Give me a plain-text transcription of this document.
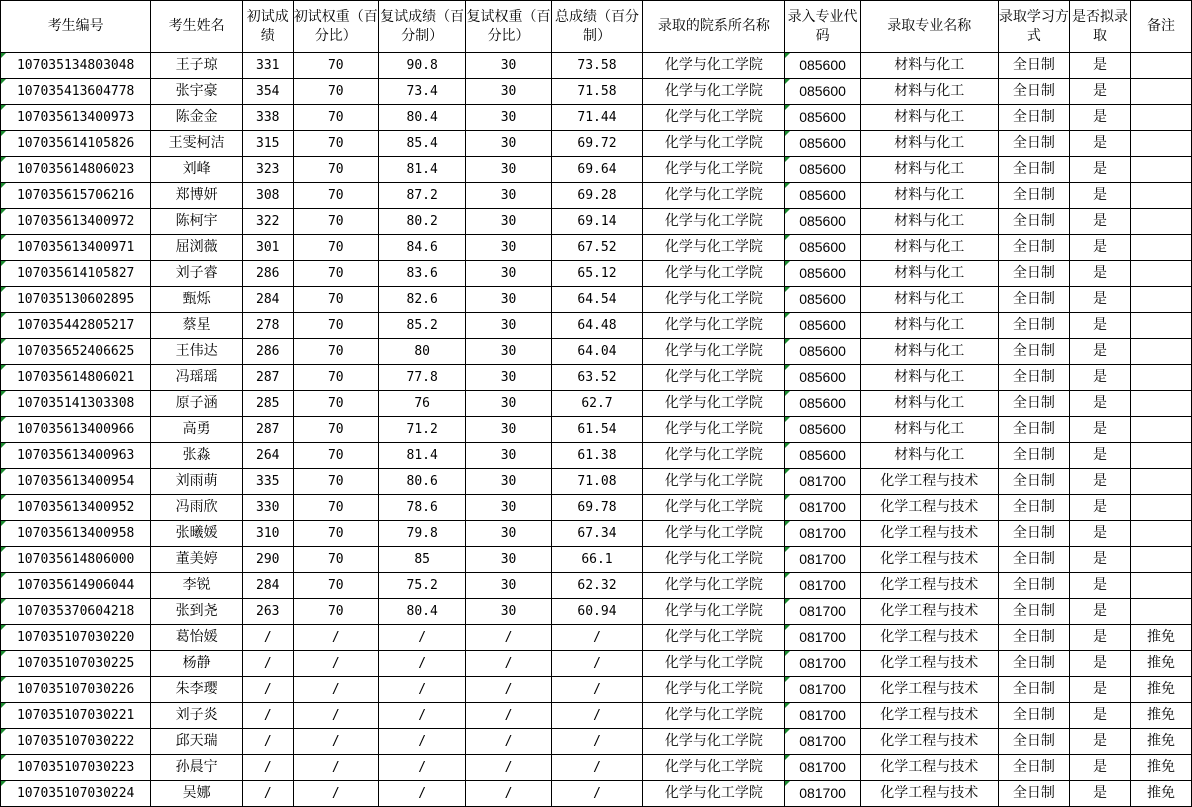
考生编号	考生姓名	初试成绩	初试权重（百分比）	复试成绩（百分制）	复试权重（百分比）	总成绩（百分制）	录取的院系所名称	录入专业代码	录取专业名称	录取学习方式	是否拟录取	备注
107035134803048	王子琼	331	70	90.8	30	73.58	化学与化工学院	085600	材料与化工	全日制	是	
107035413604778	张宇豪	354	70	73.4	30	71.58	化学与化工学院	085600	材料与化工	全日制	是	
107035613400973	陈金金	338	70	80.4	30	71.44	化学与化工学院	085600	材料与化工	全日制	是	
107035614105826	王雯柯洁	315	70	85.4	30	69.72	化学与化工学院	085600	材料与化工	全日制	是	
107035614806023	刘峰	323	70	81.4	30	69.64	化学与化工学院	085600	材料与化工	全日制	是	
107035615706216	郑博妍	308	70	87.2	30	69.28	化学与化工学院	085600	材料与化工	全日制	是	
107035613400972	陈柯宇	322	70	80.2	30	69.14	化学与化工学院	085600	材料与化工	全日制	是	
107035613400971	屈浏薇	301	70	84.6	30	67.52	化学与化工学院	085600	材料与化工	全日制	是	
107035614105827	刘子睿	286	70	83.6	30	65.12	化学与化工学院	085600	材料与化工	全日制	是	
107035130602895	甄烁	284	70	82.6	30	64.54	化学与化工学院	085600	材料与化工	全日制	是	
107035442805217	蔡星	278	70	85.2	30	64.48	化学与化工学院	085600	材料与化工	全日制	是	
107035652406625	王伟达	286	70	80	30	64.04	化学与化工学院	085600	材料与化工	全日制	是	
107035614806021	冯瑶瑶	287	70	77.8	30	63.52	化学与化工学院	085600	材料与化工	全日制	是	
107035141303308	原子涵	285	70	76	30	62.7	化学与化工学院	085600	材料与化工	全日制	是	
107035613400966	高勇	287	70	71.2	30	61.54	化学与化工学院	085600	材料与化工	全日制	是	
107035613400963	张淼	264	70	81.4	30	61.38	化学与化工学院	085600	材料与化工	全日制	是	
107035613400954	刘雨萌	335	70	80.6	30	71.08	化学与化工学院	081700	化学工程与技术	全日制	是	
107035613400952	冯雨欣	330	70	78.6	30	69.78	化学与化工学院	081700	化学工程与技术	全日制	是	
107035613400958	张曦媛	310	70	79.8	30	67.34	化学与化工学院	081700	化学工程与技术	全日制	是	
107035614806000	董美婷	290	70	85	30	66.1	化学与化工学院	081700	化学工程与技术	全日制	是	
107035614906044	李锐	284	70	75.2	30	62.32	化学与化工学院	081700	化学工程与技术	全日制	是	
107035370604218	张到尧	263	70	80.4	30	60.94	化学与化工学院	081700	化学工程与技术	全日制	是	
107035107030220	葛怡媛	/	/	/	/	/	化学与化工学院	081700	化学工程与技术	全日制	是	推免
107035107030225	杨静	/	/	/	/	/	化学与化工学院	081700	化学工程与技术	全日制	是	推免
107035107030226	朱李璎	/	/	/	/	/	化学与化工学院	081700	化学工程与技术	全日制	是	推免
107035107030221	刘子炎	/	/	/	/	/	化学与化工学院	081700	化学工程与技术	全日制	是	推免
107035107030222	邱天瑞	/	/	/	/	/	化学与化工学院	081700	化学工程与技术	全日制	是	推免
107035107030223	孙晨宁	/	/	/	/	/	化学与化工学院	081700	化学工程与技术	全日制	是	推免
107035107030224	吴娜	/	/	/	/	/	化学与化工学院	081700	化学工程与技术	全日制	是	推免
